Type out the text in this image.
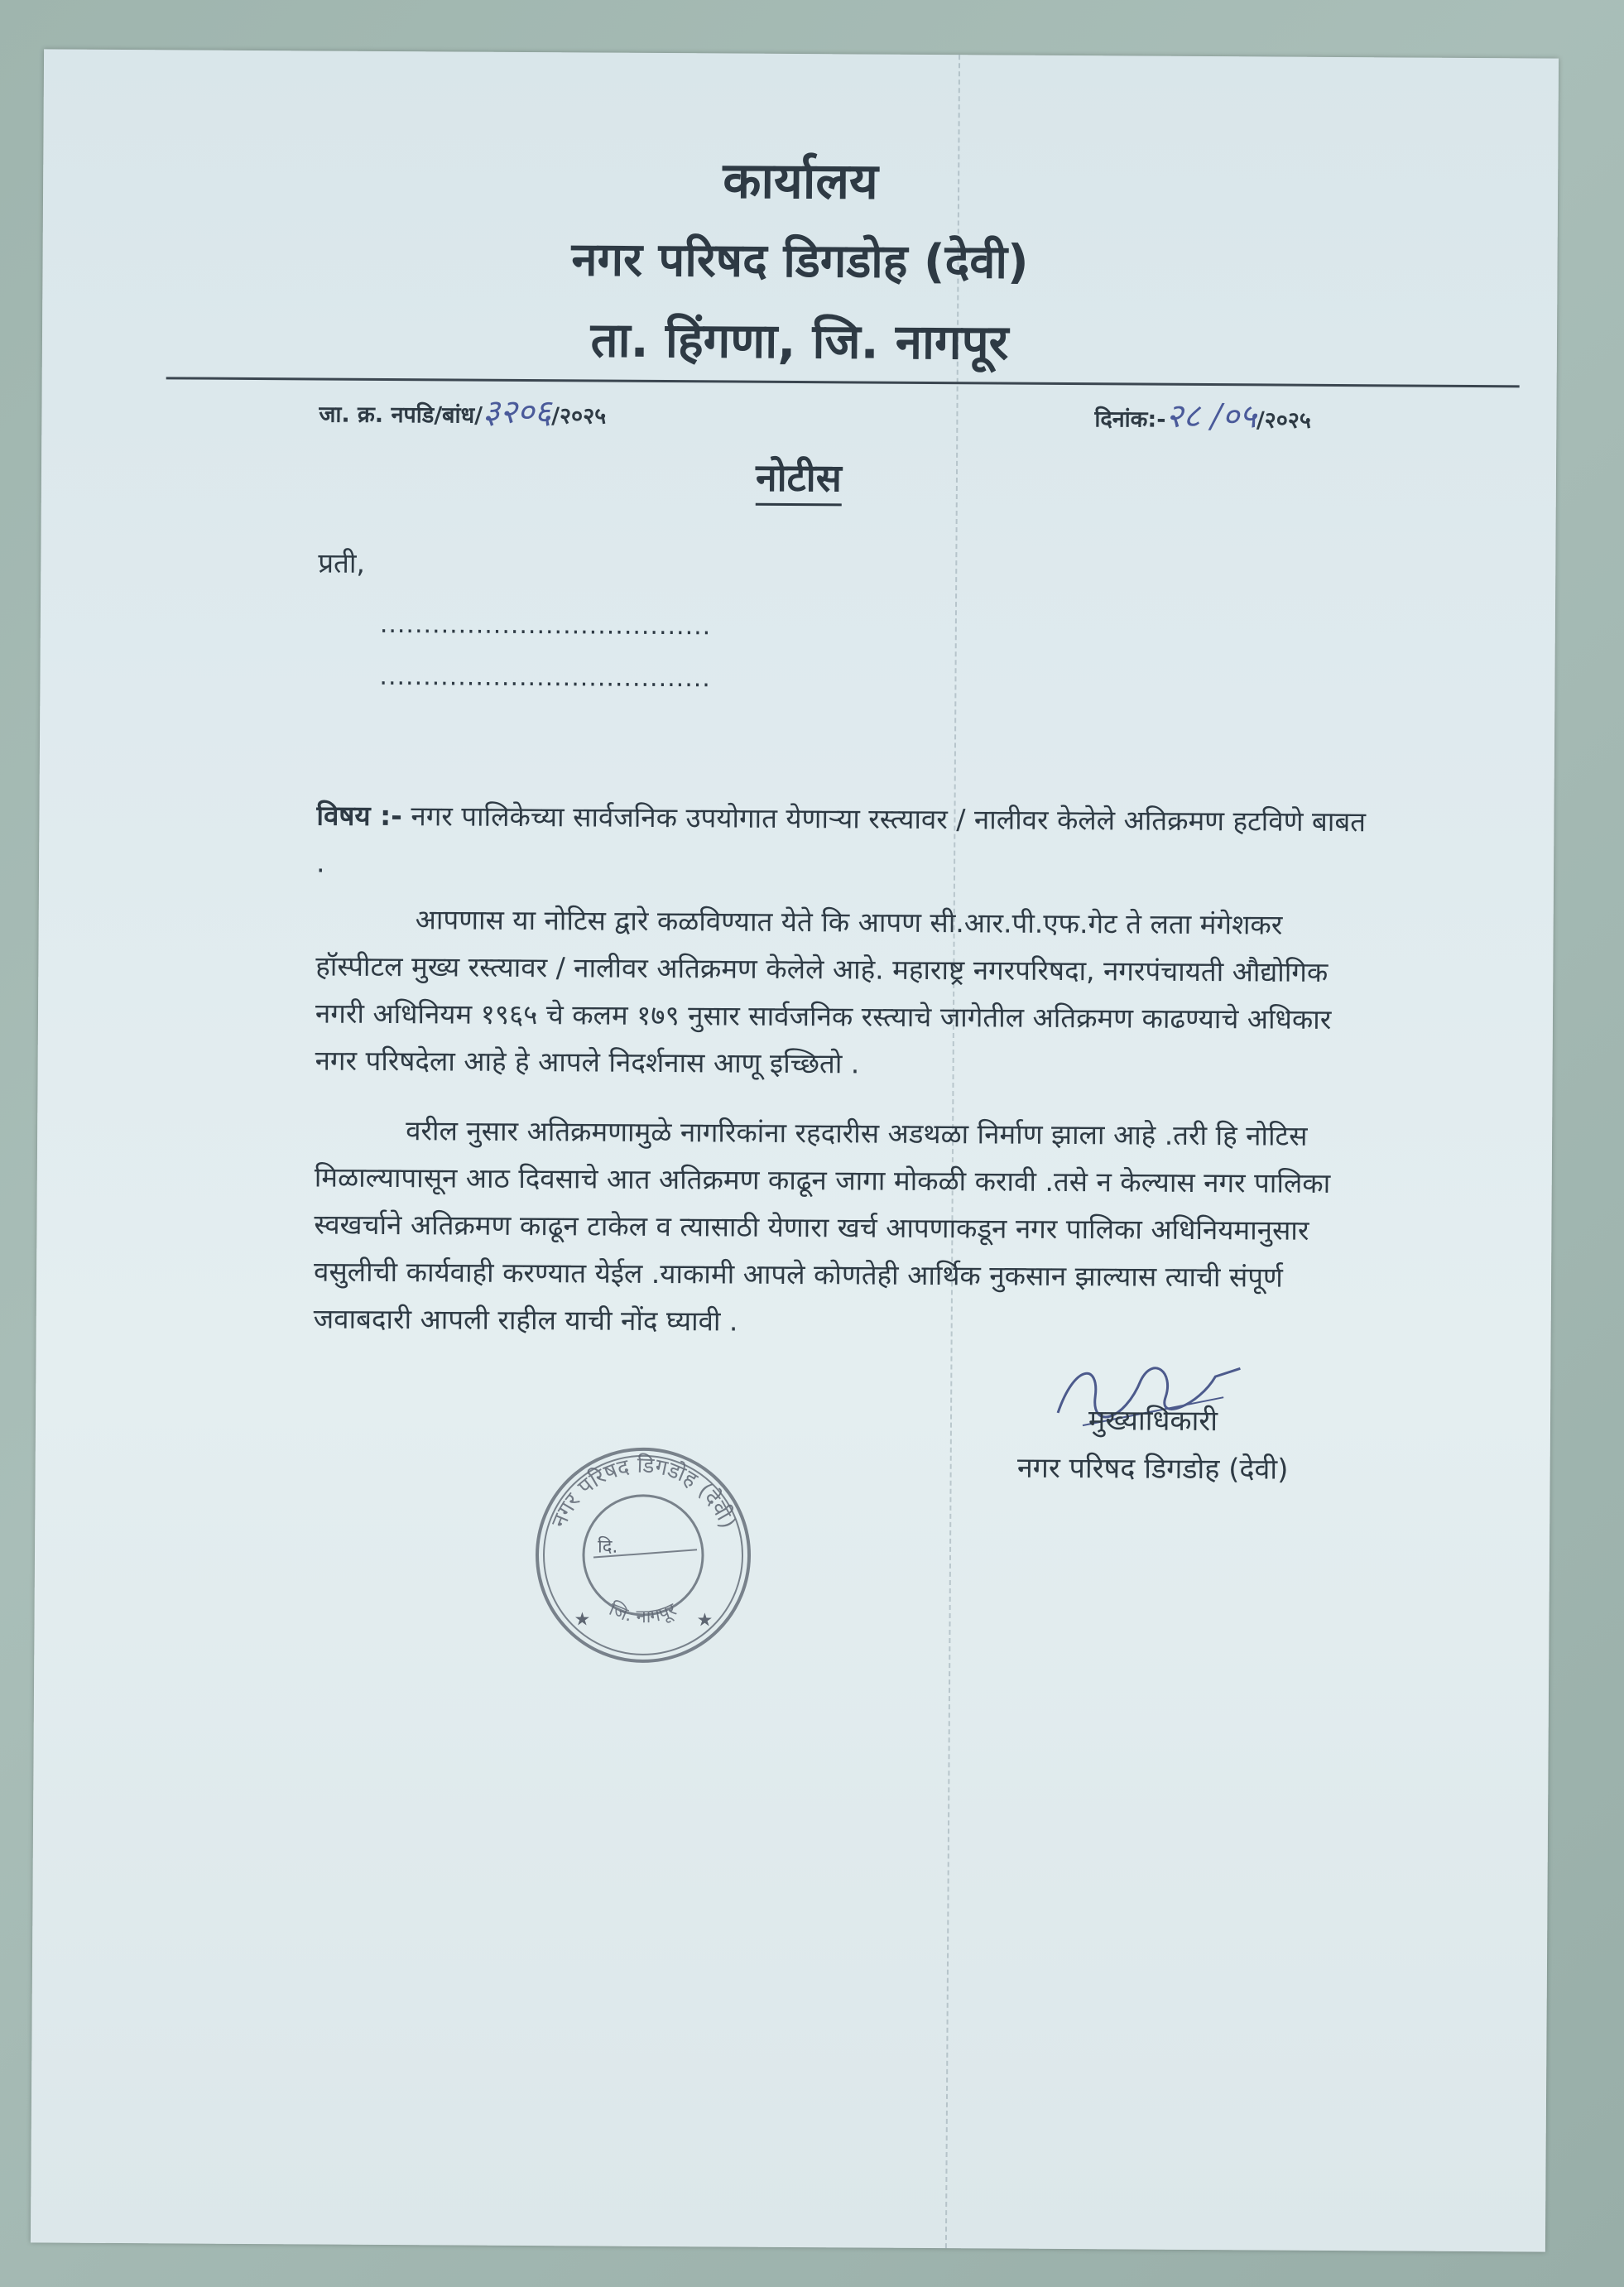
कार्यालय
नगर परिषद डिगडोह (देवी)
ता. हिंगणा, जि. नागपूर
जा. क्र. नपडि/बांध/३२०६/२०२५	दिनांक:-२८ /०५/२०२५
नोटीस
प्रती,
......................................
......................................
विषय :- नगर पालिकेच्या सार्वजनिक उपयोगात येणाऱ्या रस्त्यावर / नालीवर केलेले अतिक्रमण हटविणे बाबत .
आपणास या नोटिस द्वारे कळविण्यात येते कि आपण सी.आर.पी.एफ.गेट ते लता मंगेशकर हॉस्पीटल मुख्य रस्त्यावर / नालीवर अतिक्रमण केलेले आहे. महाराष्ट्र नगरपरिषदा, नगरपंचायती औद्योगिक नगरी अधिनियम १९६५ चे कलम १७९ नुसार सार्वजनिक रस्त्याचे जागेतील अतिक्रमण काढण्याचे अधिकार नगर परिषदेला आहे हे आपले निदर्शनास आणू इच्छितो .
वरील नुसार अतिक्रमणामुळे नागरिकांना रहदारीस अडथळा निर्माण झाला आहे .तरी हि नोटिस मिळाल्यापासून आठ दिवसाचे आत अतिक्रमण काढून जागा मोकळी करावी .तसे न केल्यास नगर पालिका स्वखर्चाने अतिक्रमण काढून टाकेल व त्यासाठी येणारा खर्च आपणाकडून नगर पालिका अधिनियमानुसार वसुलीची कार्यवाही करण्यात येईल .याकामी आपले कोणतेही आर्थिक नुकसान झाल्यास त्याची संपूर्ण जवाबदारी आपली राहील याची नोंद घ्यावी .
मुख्याधिकारी
नगर परिषद डिगडोह (देवी)
नगर परिषद डिगडोह (देवी)
दि.
जि. नागपूर
★	★
